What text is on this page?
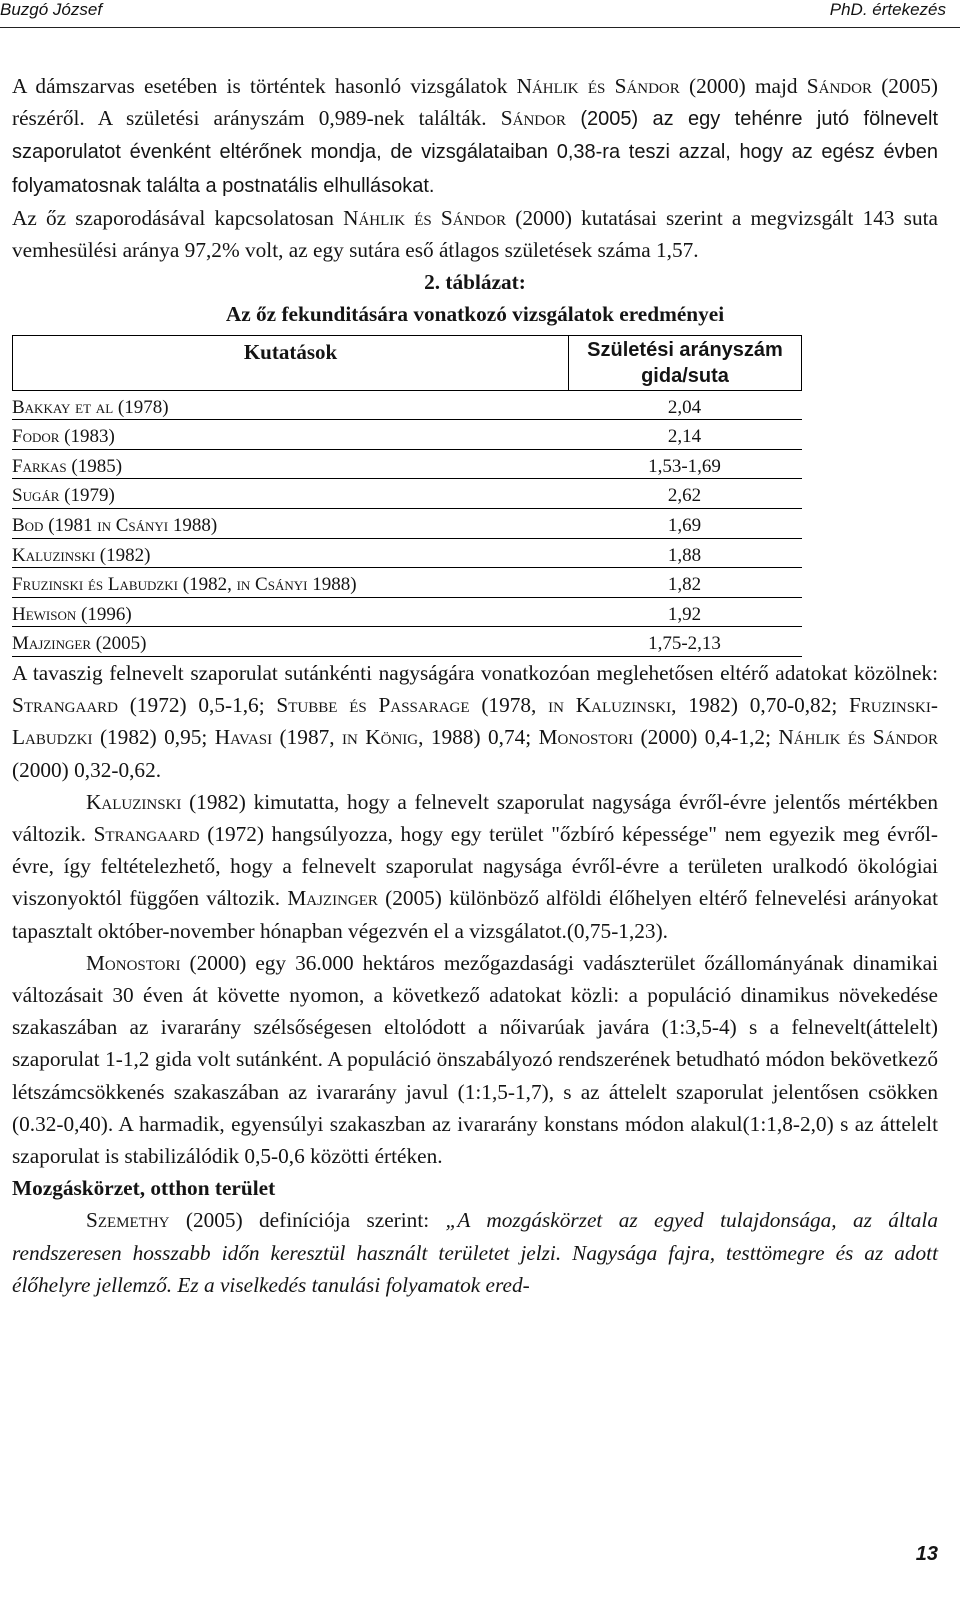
Buzgó József	PhD. értekezés

A dámszarvas esetében is történtek hasonló vizsgálatok Náhlik és Sándor (2000) majd Sándor (2005) részéről. A születési arányszám 0,989-nek találták. Sándor (2005) az egy tehénre jutó fölnevelt szaporulatot évenként eltérőnek mondja, de vizsgálataiban 0,38-ra teszi azzal, hogy az egész évben folyamatosnak találta a postnatális elhullásokat.

Az őz szaporodásával kapcsolatosan Náhlik és Sándor (2000) kutatásai szerint a megvizsgált 143 suta vemhesülési aránya 97,2% volt, az egy sutára eső átlagos születések száma 1,57.

2. táblázat:
Az őz fekunditására vonatkozó vizsgálatok eredményei
Kutatások	Születési arányszám gida/suta
Bakkay et al (1978)	2,04
Fodor (1983)	2,14
Farkas (1985)	1,53-1,69
Sugár (1979)	2,62
Bod (1981 in Csányi 1988)	1,69
Kaluzinski (1982)	1,88
Fruzinski és Labudzki (1982, in Csányi 1988)	1,82
Hewison (1996)	1,92
Majzinger (2005)	1,75-2,13

A tavaszig felnevelt szaporulat sutánkénti nagyságára vonatkozóan meglehetősen eltérő adatokat közölnek: Strangaard (1972) 0,5-1,6; Stubbe és Passarage (1978, in Kaluzinski, 1982) 0,70-0,82; Fruzinski-Labudzki (1982) 0,95; Havasi (1987, in König, 1988) 0,74; Monostori (2000) 0,4-1,2; Náhlik és Sándor (2000) 0,32-0,62.

Kaluzinski (1982) kimutatta, hogy a felnevelt szaporulat nagysága évről-évre jelentős mértékben változik. Strangaard (1972) hangsúlyozza, hogy egy terület "őzbíró képessége" nem egyezik meg évről-évre, így feltételezhető, hogy a felnevelt szaporulat nagysága évről-évre a területen uralkodó ökológiai viszonyoktól függően változik. Majzinger (2005) különböző alföldi élőhelyen eltérő felnevelési arányokat tapasztalt október-november hónapban végezvén el a vizsgálatot.(0,75-1,23).

Monostori (2000) egy 36.000 hektáros mezőgazdasági vadászterület őzállományának dinamikai változásait 30 éven át követte nyomon, a következő adatokat közli: a populáció dinamikus növekedése szakaszában az ivararány szélsőségesen eltolódott a nőivarúak javára (1:3,5-4) s a felnevelt(áttelelt) szaporulat 1-1,2 gida volt sutánként. A populáció önszabályozó rendszerének betudható módon bekövetkező létszámcsökkenés szakaszában az ivararány javul (1:1,5-1,7), s az áttelelt szaporulat jelentősen csökken (0.32-0,40). A harmadik, egyensúlyi szakaszban az ivararány konstans módon alakul(1:1,8-2,0) s az áttelelt szaporulat is stabilizálódik 0,5-0,6 közötti értéken.

Mozgáskörzet, otthon terület

Szemethy (2005) definíciója szerint: „A mozgáskörzet az egyed tulajdonsága, az általa rendszeresen hosszabb időn keresztül használt területet jelzi. Nagysága fajra, testtömegre és az adott élőhelyre jellemző. Ez a viselkedés tanulási folyamatok ered-

13
